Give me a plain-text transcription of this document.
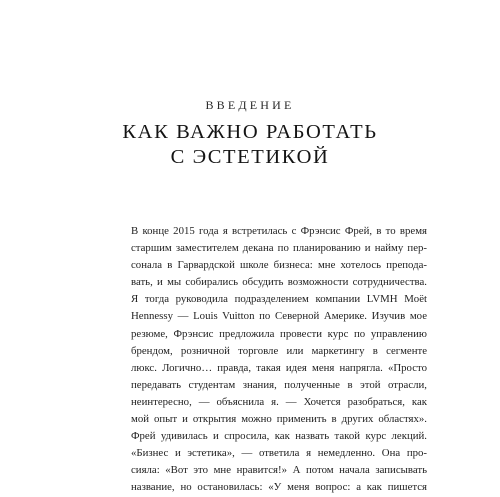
ВВЕДЕНИЕ
КАК ВАЖНО РАБОТАТЬ
С ЭСТЕТИКОЙ
В конце 2015 года я встретилась с Фрэнсис Фрей, в то время
старшим заместителем декана по планированию и найму пер-
сонала в Гарвардской школе бизнеса: мне хотелось препода-
вать, и мы собирались обсудить возможности сотрудничества.
Я тогда руководила подразделением компании LVMH Moët
Hennessy — Louis Vuitton по Северной Америке. Изучив мое
резюме, Фрэнсис предложила провести курс по управлению
брендом, розничной торговле или маркетингу в сегменте
люкс. Логично… правда, такая идея меня напрягла. «Просто
передавать студентам знания, полученные в этой отрасли,
неинтересно, — объяснила я. — Хочется разобраться, как
мой опыт и открытия можно применить в других областях».
Фрей удивилась и спросила, как назвать такой курс лекций.
«Бизнес и эстетика», — ответила я немедленно. Она про-
сияла: «Вот это мне нравится!» А потом начала записывать
название, но остановилась: «У меня вопрос: а как пишется
